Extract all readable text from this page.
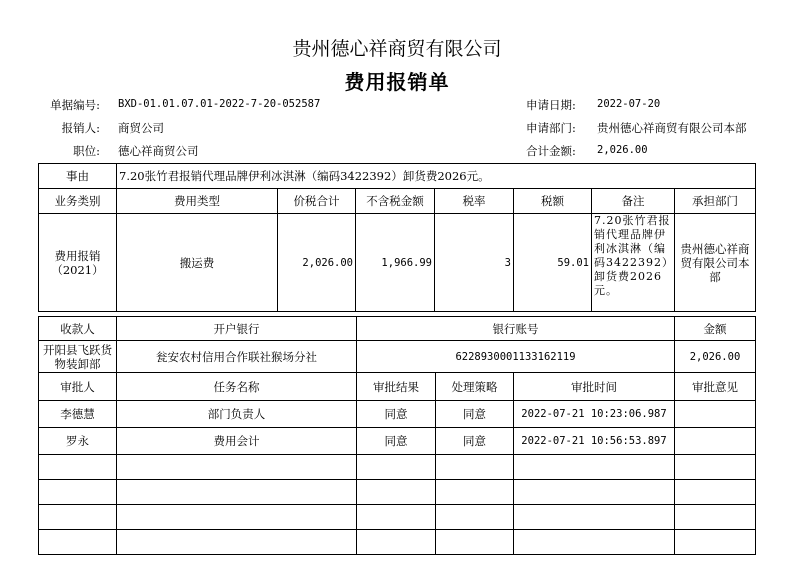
贵州德心祥商贸有限公司
费用报销单
单据编号: BXD-01.01.07.01-2022-7-20-052587	申请日期: 2022-07-20
报销人: 商贸公司	申请部门: 贵州德心祥商贸有限公司本部
职位: 德心祥商贸公司	合计金额: 2,026.00
事由	7.20张竹君报销代理品牌伊利冰淇淋（编码3422392）卸货费2026元。						
业务类别	费用类型	价税合计	不含税金额	税率	税额	备注	承担部门
费用报销（2021）	搬运费	2,026.00	1,966.99	3	59.01	7.20张竹君报销代理品牌伊利冰淇淋（编码3422392）卸货费2026元。	贵州德心祥商贸有限公司本部
收款人	开户银行	银行账号	金额
开阳县飞跃货物装卸部	瓮安农村信用合作联社猴场分社	6228930001133162119	2,026.00
审批人	任务名称	审批结果	处理策略	审批时间	审批意见
李德慧	部门负责人	同意	同意	2022-07-21 10:23:06.987	
罗永	费用会计	同意	同意	2022-07-21 10:56:53.897	
